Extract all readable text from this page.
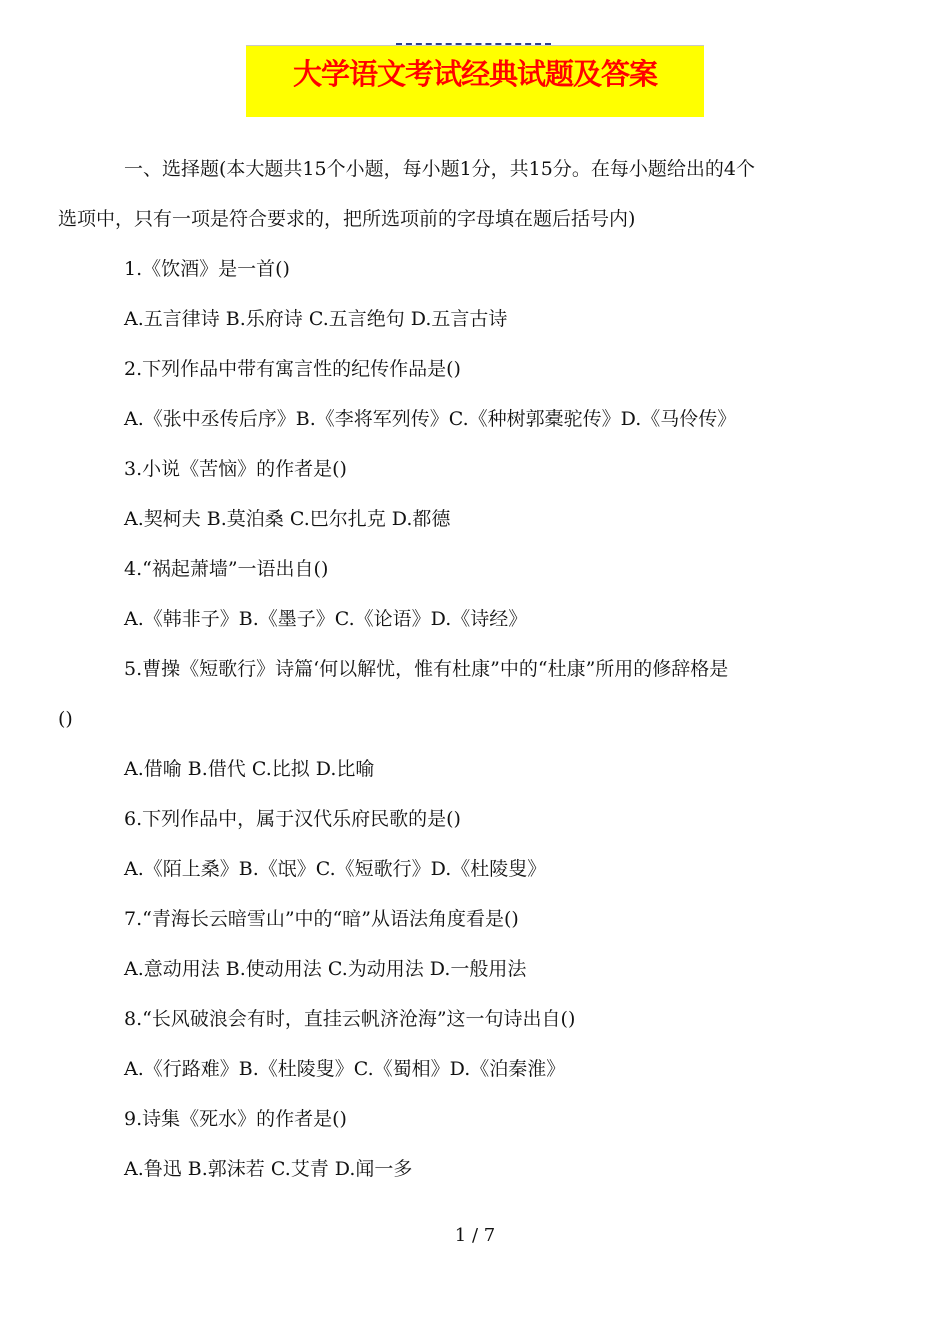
大学语文考试经典试题及答案
一、选择题(本大题共15个小题，每小题1分，共15分。在每小题给出的4个
选项中，只有一项是符合要求的，把所选项前的字母填在题后括号内)
1.《饮酒》是一首()
A.五言律诗 B.乐府诗 C.五言绝句 D.五言古诗
2.下列作品中带有寓言性的纪传作品是()
A.《张中丞传后序》B.《李将军列传》C.《种树郭橐驼传》D.《马伶传》
3.小说《苦恼》的作者是()
A.契柯夫 B.莫泊桑 C.巴尔扎克 D.都德
4.“祸起萧墙”一语出自()
A.《韩非子》B.《墨子》C.《论语》D.《诗经》
5.曹操《短歌行》诗篇‘何以解忧，惟有杜康”中的“杜康”所用的修辞格是
()
A.借喻 B.借代 C.比拟 D.比喻
6.下列作品中，属于汉代乐府民歌的是()
A.《陌上桑》B.《氓》C.《短歌行》D.《杜陵叟》
7.“青海长云暗雪山”中的“暗”从语法角度看是()
A.意动用法 B.使动用法 C.为动用法 D.一般用法
8.“长风破浪会有时，直挂云帆济沧海”这一句诗出自()
A.《行路难》B.《杜陵叟》C.《蜀相》D.《泊秦淮》
9.诗集《死水》的作者是()
A.鲁迅 B.郭沫若 C.艾青 D.闻一多
1 / 7
